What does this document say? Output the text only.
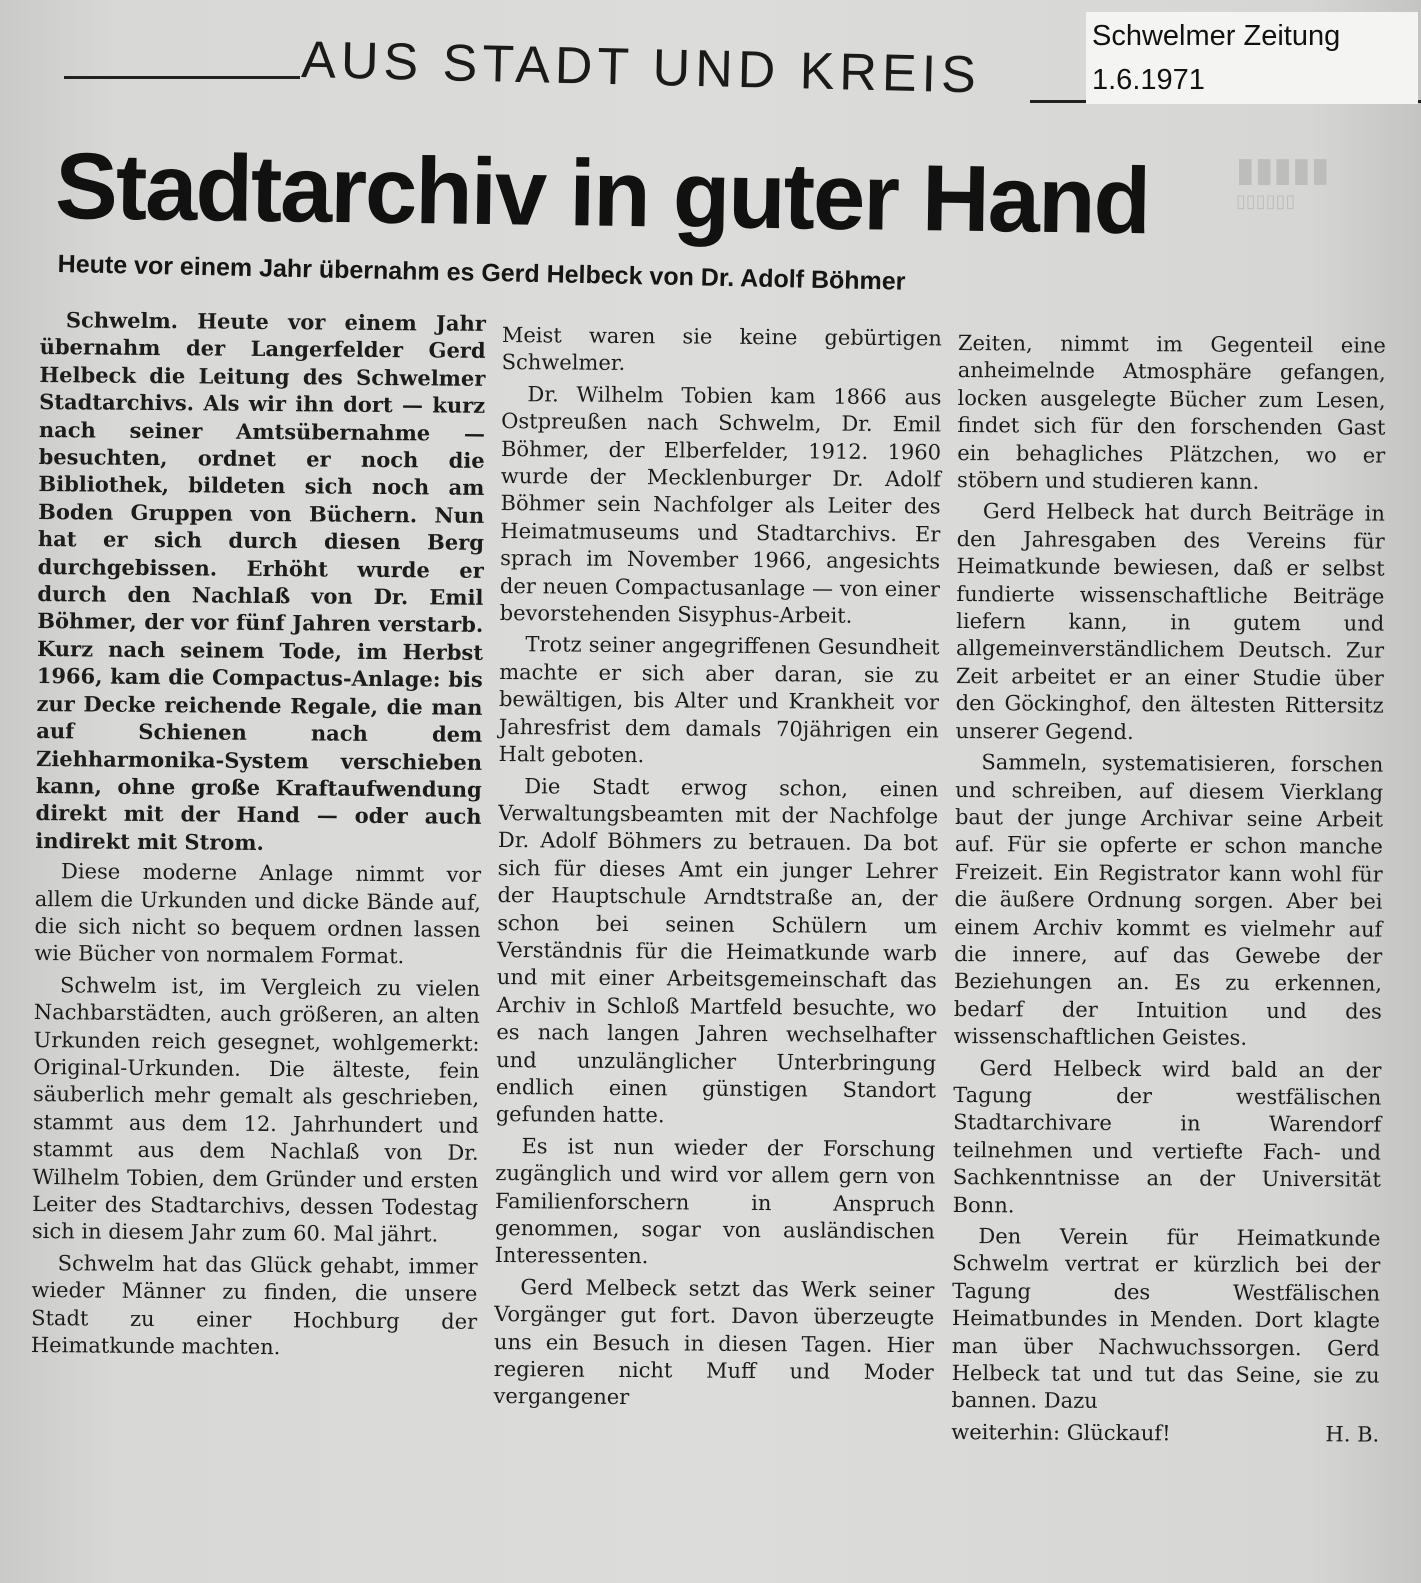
▮▮▮▮▮
▯▯▯▯▯▯
AUS STADT UND KREIS	Schwelmer Zeitung
1.6.1971
Stadtarchiv in guter Hand
Heute vor einem Jahr übernahm es Gerd Helbeck von Dr. Adolf Böhmer

Schwelm. Heute vor einem Jahr übernahm der Langerfelder Gerd Helbeck die Leitung des Schwelmer Stadtarchivs. Als wir ihn dort — kurz nach seiner Amtsübernahme — besuchten, ordnet er noch die Bibliothek, bildeten sich noch am Boden Gruppen von Büchern. Nun hat er sich durch diesen Berg durchgebissen. Erhöht wurde er durch den Nachlaß von Dr. Emil Böhmer, der vor fünf Jahren verstarb. Kurz nach seinem Tode, im Herbst 1966, kam die Compactus-Anlage: bis zur Decke reichende Regale, die man auf Schienen nach dem Ziehharmonika-System verschieben kann, ohne große Kraftaufwendung direkt mit der Hand — oder auch indirekt mit Strom.

Diese moderne Anlage nimmt vor allem die Urkunden und dicke Bände auf, die sich nicht so bequem ordnen lassen wie Bücher von normalem Format.

Schwelm ist, im Vergleich zu vielen Nachbarstädten, auch größeren, an alten Urkunden reich gesegnet, wohlgemerkt: Original-Urkunden. Die älteste, fein säuberlich mehr gemalt als geschrieben, stammt aus dem 12. Jahrhundert und stammt aus dem Nachlaß von Dr. Wilhelm Tobien, dem Gründer und ersten Leiter des Stadtarchivs, dessen Todestag sich in diesem Jahr zum 60. Mal jährt.

Schwelm hat das Glück gehabt, immer wieder Männer zu finden, die unsere Stadt zu einer Hochburg der Heimatkunde machten.

Meist waren sie keine gebürtigen Schwelmer.

Dr. Wilhelm Tobien kam 1866 aus Ostpreußen nach Schwelm, Dr. Emil Böhmer, der Elberfelder, 1912. 1960 wurde der Mecklenburger Dr. Adolf Böhmer sein Nachfolger als Leiter des Heimatmuseums und Stadtarchivs. Er sprach im November 1966, angesichts der neuen Compactusanlage — von einer bevorstehenden Sisyphus-Arbeit.

Trotz seiner angegriffenen Gesundheit machte er sich aber daran, sie zu bewältigen, bis Alter und Krankheit vor Jahresfrist dem damals 70jährigen ein Halt geboten.

Die Stadt erwog schon, einen Verwaltungsbeamten mit der Nachfolge Dr. Adolf Böhmers zu betrauen. Da bot sich für dieses Amt ein junger Lehrer der Hauptschule Arndtstraße an, der schon bei seinen Schülern um Verständnis für die Heimatkunde warb und mit einer Arbeitsgemeinschaft das Archiv in Schloß Martfeld besuchte, wo es nach langen Jahren wechselhafter und unzulänglicher Unterbringung endlich einen günstigen Standort gefunden hatte.

Es ist nun wieder der Forschung zugänglich und wird vor allem gern von Familienforschern in Anspruch genommen, sogar von ausländischen Interessenten.

Gerd Melbeck setzt das Werk seiner Vorgänger gut fort. Davon überzeugte uns ein Besuch in diesen Tagen. Hier regieren nicht Muff und Moder vergangener

Zeiten, nimmt im Gegenteil eine anheimelnde Atmosphäre gefangen, locken ausgelegte Bücher zum Lesen, findet sich für den forschenden Gast ein behagliches Plätzchen, wo er stöbern und studieren kann.

Gerd Helbeck hat durch Beiträge in den Jahresgaben des Vereins für Heimatkunde bewiesen, daß er selbst fundierte wissenschaftliche Beiträge liefern kann, in gutem und allgemeinverständlichem Deutsch. Zur Zeit arbeitet er an einer Studie über den Göckinghof, den ältesten Rittersitz unserer Gegend.

Sammeln, systematisieren, forschen und schreiben, auf diesem Vierklang baut der junge Archivar seine Arbeit auf. Für sie opferte er schon manche Freizeit. Ein Registrator kann wohl für die äußere Ordnung sorgen. Aber bei einem Archiv kommt es vielmehr auf die innere, auf das Gewebe der Beziehungen an. Es zu erkennen, bedarf der Intuition und des wissenschaftlichen Geistes.

Gerd Helbeck wird bald an der Tagung der westfälischen Stadtarchivare in Warendorf teilnehmen und vertiefte Fach- und Sachkenntnisse an der Universität Bonn.

Den Verein für Heimatkunde Schwelm vertrat er kürzlich bei der Tagung des Westfälischen Heimatbundes in Menden. Dort klagte man über Nachwuchssorgen. Gerd Helbeck tat und tut das Seine, sie zu bannen. Dazu

weiterhin: Glückauf!	H. B.
